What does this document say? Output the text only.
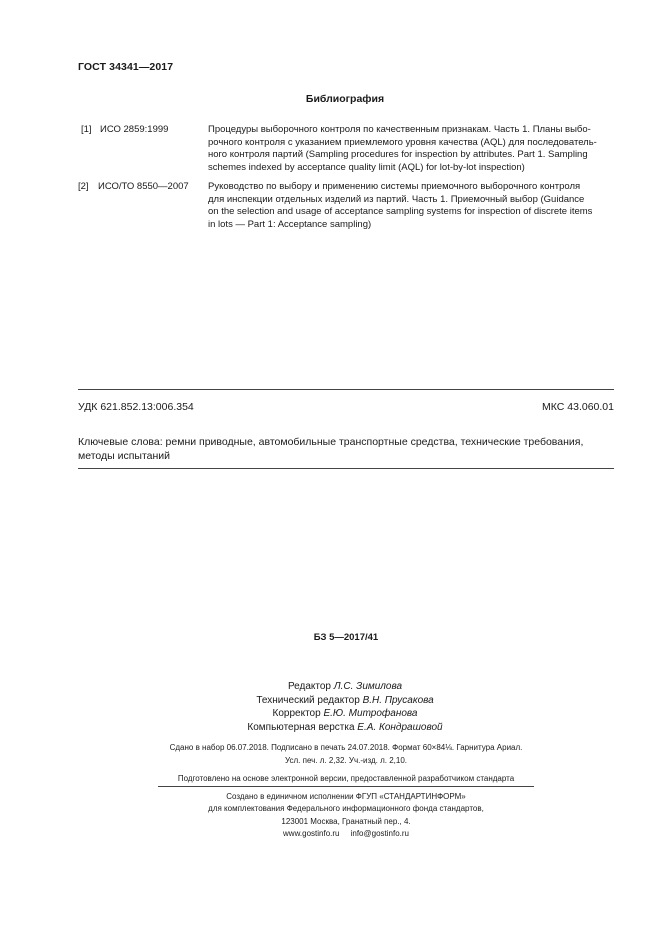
ГОСТ 34341—2017
Библиография
[1] ИСО 2859:1999	Процедуры выборочного контроля по качественным признакам. Часть 1. Планы выбо-
рочного контроля с указанием приемлемого уровня качества (AQL) для последователь-
ного контроля партий (Sampling procedures for inspection by attributes. Part 1. Sampling
schemes indexed by acceptance quality limit (AQL) for lot-by-lot inspection)
[2] ИСО/ТО 8550—2007 Руководство по выбору и применению системы приемочного выборочного контроля
для инспекции отдельных изделий из партий. Часть 1. Приемочный выбор (Guidance
on the selection and usage of acceptance sampling systems for inspection of discrete items
in lots — Part 1: Acceptance sampling)
УДК 621.852.13:006.354	МКС 43.060.01
Ключевые слова: ремни приводные, автомобильные транспортные средства, технические требования,
методы испытаний
БЗ 5—2017/41
Редактор Л.С. Зимилова
Технический редактор В.Н. Прусакова
Корректор Е.Ю. Митрофанова
Компьютерная верстка Е.А. Кондрашовой
Сдано в набор 06.07.2018. Подписано в печать 24.07.2018. Формат 60×84⅛. Гарнитура Ариал.
Усл. печ. л. 2,32. Уч.-изд. л. 2,10.
Подготовлено на основе электронной версии, предоставленной разработчиком стандарта
Создано в единичном исполнении ФГУП «СТАНДАРТИНФОРМ»
для комплектования Федерального информационного фонда стандартов,
123001 Москва, Гранатный пер., 4.
www.gostinfo.ru info@gostinfo.ru
